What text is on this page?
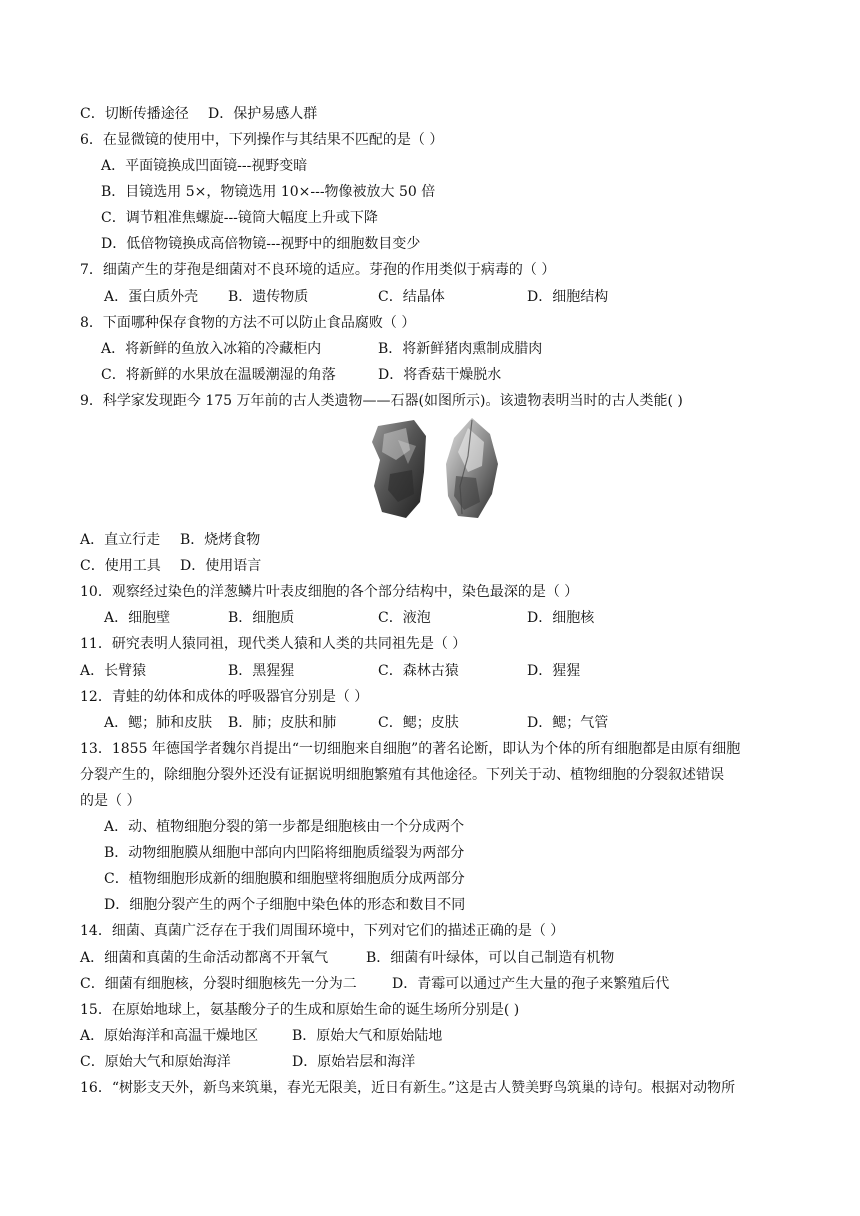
C．切断传播途径 D．保护易感人群
6．在显微镜的使用中，下列操作与其结果不匹配的是（ ）
A．平面镜换成凹面镜---视野变暗
B．目镜选用 5×，物镜选用 10×---物像被放大 50 倍
C．调节粗准焦螺旋---镜筒大幅度上升或下降
D．低倍物镜换成高倍物镜---视野中的细胞数目变少
7．细菌产生的芽孢是细菌对不良环境的适应。芽孢的作用类似于病毒的（ ）
A．蛋白质外壳 B．遗传物质	C．结晶体	D．细胞结构
8．下面哪种保存食物的方法不可以防止食品腐败（ ）
A．将新鲜的鱼放入冰箱的冷藏柜内	B．将新鲜猪肉熏制成腊肉
C．将新鲜的水果放在温暖潮湿的角落	D．将香菇干燥脱水
9．科学家发现距今 175 万年前的古人类遗物——石器(如图所示)。该遗物表明当时的古人类能( )
A．直立行走 B．烧烤食物
C．使用工具 D．使用语言
10．观察经过染色的洋葱鳞片叶表皮细胞的各个部分结构中，染色最深的是（ ）
A．细胞壁	B．细胞质	C．液泡	D．细胞核
11．研究表明人猿同祖，现代类人猿和人类的共同祖先是（ ）
A．长臂猿	B．黑猩猩	C．森林古猿	D．猩猩
12．青蛙的幼体和成体的呼吸器官分别是（ ）
A．鳃；肺和皮肤 B．肺；皮肤和肺	C．鳃；皮肤	D．鳃；气管
13．1855 年德国学者魏尔肖提出“一切细胞来自细胞”的著名论断，即认为个体的所有细胞都是由原有细胞
分裂产生的，除细胞分裂外还没有证据说明细胞繁殖有其他途径。下列关于动、植物细胞的分裂叙述错误
的是（ ）
A．动、植物细胞分裂的第一步都是细胞核由一个分成两个
B．动物细胞膜从细胞中部向内凹陷将细胞质缢裂为两部分
C．植物细胞形成新的细胞膜和细胞壁将细胞质分成两部分
D．细胞分裂产生的两个子细胞中染色体的形态和数目不同
14．细菌、真菌广泛存在于我们周围环境中，下列对它们的描述正确的是（ ）
A．细菌和真菌的生命活动都离不开氧气	B．细菌有叶绿体，可以自己制造有机物
C．细菌有细胞核，分裂时细胞核先一分为二	D．青霉可以通过产生大量的孢子来繁殖后代
15．在原始地球上，氨基酸分子的生成和原始生命的诞生场所分别是( )
A．原始海洋和高温干燥地区 B．原始大气和原始陆地
C．原始大气和原始海洋	D．原始岩层和海洋
16．“树影支天外，新鸟来筑巢，春光无限美，近日有新生。”这是古人赞美野鸟筑巢的诗句。根据对动物所
